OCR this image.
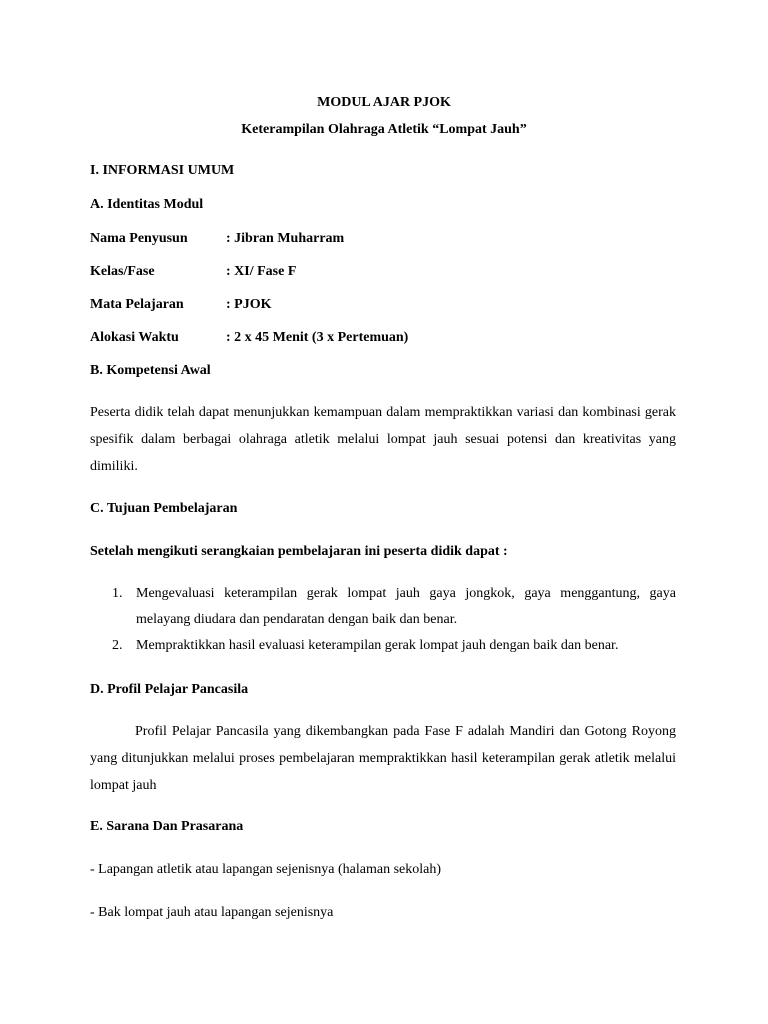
MODUL AJAR PJOK
Keterampilan Olahraga Atletik “Lompat Jauh”
I. INFORMASI UMUM
A. Identitas Modul
Nama Penyusun	: Jibran Muharram
Kelas/Fase	: XI/ Fase F
Mata Pelajaran	: PJOK
Alokasi Waktu	: 2 x 45 Menit (3 x Pertemuan)
B. Kompetensi Awal
Peserta didik telah dapat menunjukkan kemampuan dalam mempraktikkan variasi dan kombinasi gerak spesifik dalam berbagai olahraga atletik melalui lompat jauh sesuai potensi dan kreativitas yang dimiliki.
C. Tujuan Pembelajaran
Setelah mengikuti serangkaian pembelajaran ini peserta didik dapat :
1. Mengevaluasi keterampilan gerak lompat jauh gaya jongkok, gaya menggantung, gaya melayang diudara dan pendaratan dengan baik dan benar.
2. Mempraktikkan hasil evaluasi keterampilan gerak lompat jauh dengan baik dan benar.
D. Profil Pelajar Pancasila
Profil Pelajar Pancasila yang dikembangkan pada Fase F adalah Mandiri dan Gotong Royong yang ditunjukkan melalui proses pembelajaran mempraktikkan hasil keterampilan gerak atletik melalui lompat jauh
E. Sarana Dan Prasarana
- Lapangan atletik atau lapangan sejenisnya (halaman sekolah)
- Bak lompat jauh atau lapangan sejenisnya
